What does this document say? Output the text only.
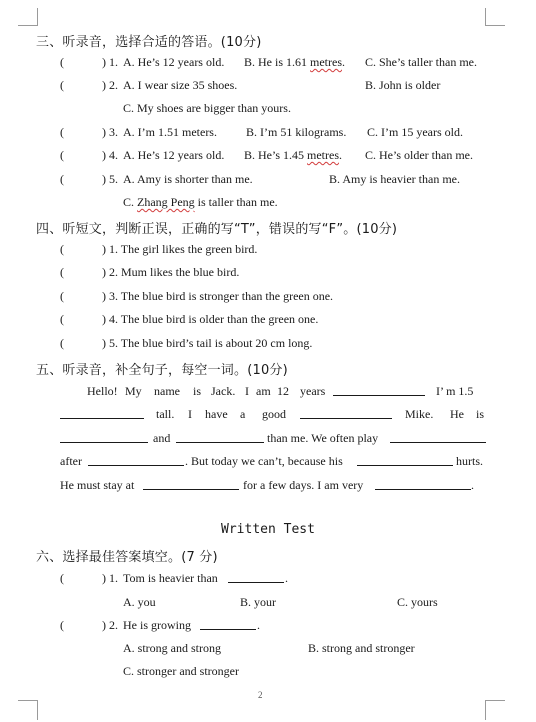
三、听录音，选择合适的答语。(10分)
(	) 1. A. He’s 12 years old. B. He is 1.61 metres. C. She’s taller than me.
(	) 2. A. I wear size 35 shoes.	B. John is older
C. My shoes are bigger than yours.
(	) 3. A. I’m 1.51 meters. B. I’m 51 kilograms. C. I’m 15 years old.
(	) 4. A. He’s 12 years old. B. He’s 1.45 metres. C. He’s older than me.
(	) 5. A. Amy is shorter than me.	B. Amy is heavier than me.
C. Zhang Peng is taller than me.
四、听短文，判断正误，正确的写“T”，错误的写“F”。(10分)
(	) 1. The girl likes the green bird.
(	) 2. Mum likes the blue bird.
(	) 3. The blue bird is stronger than the green one.
(	) 4. The blue bird is older than the green one.
(	) 5. The blue bird’s tail is about 20 cm long.
五、听录音，补全句子，每空一词。(10分)
Hello! My name is Jack. I am 12 years	I’ m 1.5
tall. I have a good	Mike. He is
and	than me. We often play
after	. But today we can’t, because his	hurts.
He must stay at	for a few days. I am very	.
Written Test
六、选择最佳答案填空。(7 分)
(	) 1. Tom is heavier than	.
A. you	B. your	C. yours
(	) 2. He is growing	.
A. strong and strong	B. strong and stronger
C. stronger and stronger
2
